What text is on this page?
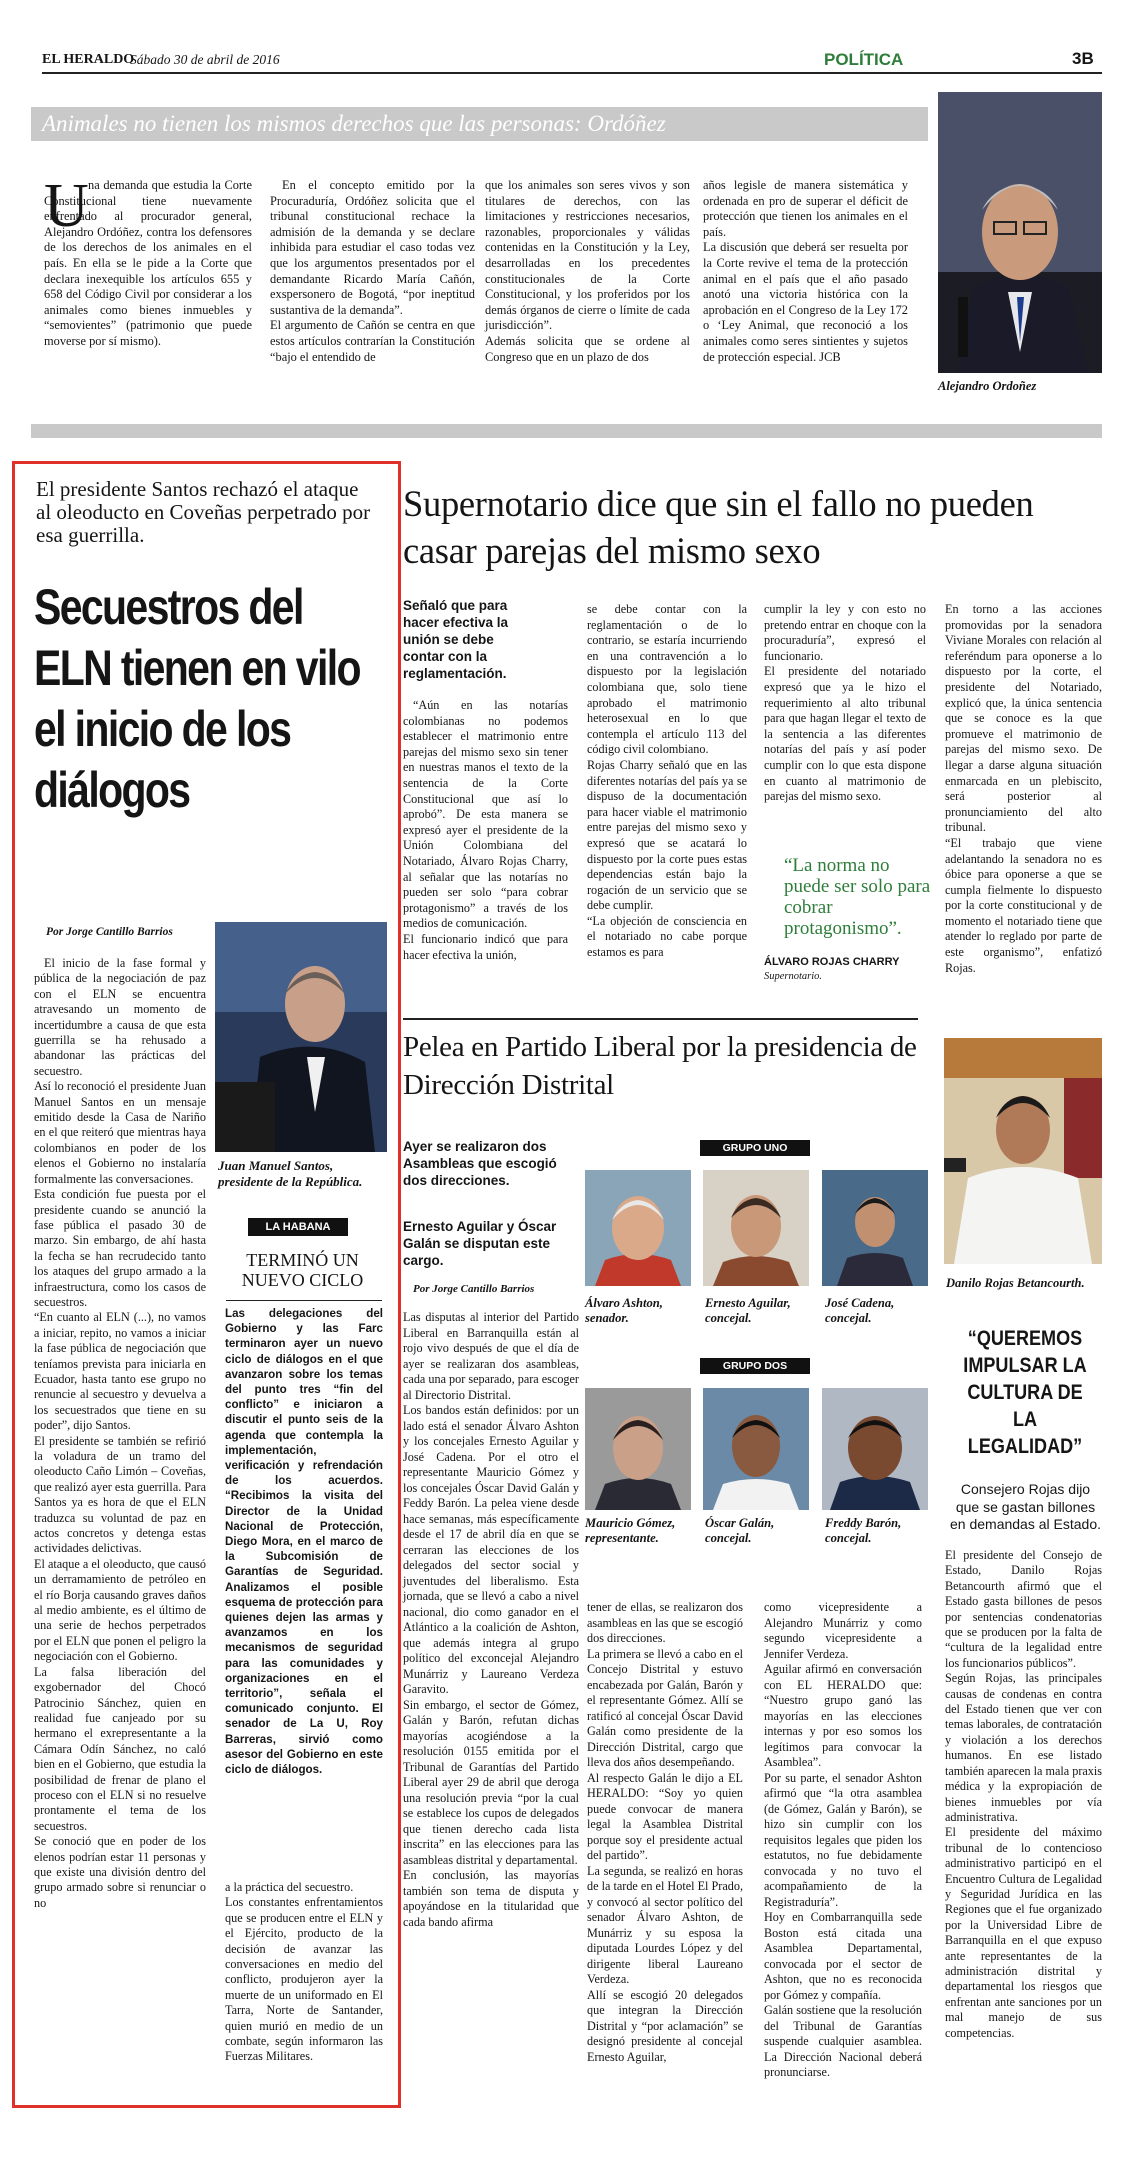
EL HERALDO
Sábado 30 de abril de 2016	POLÍTICA	3B
Animales no tienen los mismos derechos que las personas: Ordóñez
U na demanda que estudia la Corte Constitucional tiene nuevamente enfrentado al procurador general, Alejandro Ordóñez, contra los defensores de los derechos de los animales en el país. En ella se le pide a la Corte que declara inexequible los artículos 655 y 658 del Código Civil por considerar a los animales como bienes inmuebles y “semovientes” (patrimonio que puede moverse por sí mismo).
En el concepto emitido por la Procuraduría, Ordóñez solicita que el tribunal constitucional rechace la admisión de la demanda y se declare inhibida para estudiar el caso todas vez que los argumentos presentados por el demandante Ricardo María Cañón, exspersonero de Bogotá, “por ineptitud sustantiva de la demanda”.
El argumento de Cañón se centra en que estos artículos contrarían la Constitución “bajo el entendido de
que los animales son seres vivos y son titulares de derechos, con las limitaciones y restricciones necesarios, razonables, proporcionales y válidas contenidas en la Constitución y la Ley, desarrolladas en los precedentes constitucionales de la Corte Constitucional, y los proferidos por los demás órganos de cierre o límite de cada jurisdicción”.
Además solicita que se ordene al Congreso que en un plazo de dos
años legisle de manera sistemática y ordenada en pro de superar el déficit de protección que tienen los animales en el país.
La discusión que deberá ser resuelta por la Corte revive el tema de la protección animal en el país que el año pasado anotó una victoria histórica con la aprobación en el Congreso de la Ley 172 o ‘Ley Animal, que reconoció a los animales como seres sintientes y sujetos de protección especial. JCB
Alejandro Ordoñez
El presidente Santos rechazó el ataque al oleoducto en Coveñas perpetrado por esa guerrilla.
Secuestros del ELN tienen en vilo el inicio de los diálogos
Por Jorge Cantillo Barrios
Juan Manuel Santos, presidente de la República.
El inicio de la fase formal y pública de la negociación de paz con el ELN se encuentra atravesando un momento de incertidumbre a causa de que esta guerrilla se ha rehusado a abandonar las prácticas del secuestro.
Así lo reconoció el presidente Juan Manuel Santos en un mensaje emitido desde la Casa de Nariño en el que reiteró que mientras haya colombianos en poder de los elenos el Gobierno no instalaría formalmente las conversaciones.
Esta condición fue puesta por el presidente cuando se anunció la fase pública el pasado 30 de marzo. Sin embargo, de ahí hasta la fecha se han recrudecido tanto los ataques del grupo armado a la infraestructura, como los casos de secuestros.
“En cuanto al ELN (...), no vamos a iniciar, repito, no vamos a iniciar la fase pública de negociación que teníamos prevista para iniciarla en Ecuador, hasta tanto ese grupo no renuncie al secuestro y devuelva a los secuestrados que tiene en su poder”, dijo Santos.
El presidente se también se refirió la voladura de un tramo del oleoducto Caño Limón – Coveñas, que realizó ayer esta guerrilla. Para Santos ya es hora de que el ELN traduzca su voluntad de paz en actos concretos y detenga estas actividades delictivas.
El ataque a el oleoducto, que causó un derramamiento de petróleo en el río Borja causando graves daños al medio ambiente, es el último de una serie de hechos perpetrados por el ELN que ponen el peligro la negociación con el Gobierno.
La falsa liberación del exgobernador del Chocó Patrocinio Sánchez, quien en realidad fue canjeado por su hermano el exrepresentante a la Cámara Odín Sánchez, no caló bien en el Gobierno, que estudia la posibilidad de frenar de plano el proceso con el ELN si no resuelve prontamente el tema de los secuestros.
Se conoció que en poder de los elenos podrían estar 11 personas y que existe una división dentro del grupo armado sobre si renunciar o no
LA HABANA
TERMINÓ UN NUEVO CICLO
Las delegaciones del Gobierno y las Farc terminaron ayer un nuevo ciclo de diálogos en el que avanzaron sobre los temas del punto tres “fin del conflicto” e iniciaron a discutir el punto seis de la agenda que contempla la implementación, verificación y refrendación de los acuerdos. “Recibimos la visita del Director de la Unidad Nacional de Protección, Diego Mora, en el marco de la Subcomisión de Garantías de Seguridad. Analizamos el posible esquema de protección para quienes dejen las armas y avanzamos en los mecanismos de seguridad para las comunidades y organizaciones en el territorio”, señala el comunicado conjunto. El senador de La U, Roy Barreras, sirvió como asesor del Gobierno en este ciclo de diálogos.
a la práctica del secuestro.
Los constantes enfrentamientos que se producen entre el ELN y el Ejército, producto de la decisión de avanzar las conversaciones en medio del conflicto, produjeron ayer la muerte de un uniformado en El Tarra, Norte de Santander, quien murió en medio de un combate, según informaron las Fuerzas Militares.
Supernotario dice que sin el fallo no pueden casar parejas del mismo sexo
Señaló que para hacer efectiva la unión se debe contar con la reglamentación.
“Aún en las notarías colombianas no podemos establecer el matrimonio entre parejas del mismo sexo sin tener en nuestras manos el texto de la sentencia de la Corte Constitucional que así lo aprobó”. De esta manera se expresó ayer el presidente de la Unión Colombiana del Notariado, Álvaro Rojas Charry, al señalar que las notarías no pueden ser solo “para cobrar protagonismo” a través de los medios de comunicación.
El funcionario indicó que para hacer efectiva la unión,
se debe contar con la reglamentación o de lo contrario, se estaría incurriendo en una contravención a lo dispuesto por la legislación colombiana que, solo tiene aprobado el matrimonio heterosexual en lo que contempla el artículo 113 del código civil colombiano.
Rojas Charry señaló que en las diferentes notarías del país ya se dispuso de la documentación para hacer viable el matrimonio entre parejas del mismo sexo y expresó que se acatará lo dispuesto por la corte pues estas dependencias están bajo la rogación de un servicio que se debe cumplir.
“La objeción de consciencia en el notariado no cabe porque estamos es para
cumplir la ley y con esto no pretendo entrar en choque con la procuraduría”, expresó el funcionario.
El presidente del notariado expresó que ya le hizo el requerimiento al alto tribunal para que hagan llegar el texto de la sentencia a las diferentes notarías del país y así poder cumplir con lo que esta dispone en cuanto al matrimonio de parejas del mismo sexo.
“La norma no puede ser solo para cobrar protagonismo”.
ÁLVARO ROJAS CHARRY
Supernotario.
En torno a las acciones promovidas por la senadora Viviane Morales con relación al referéndum para oponerse a lo dispuesto por la corte, el presidente del Notariado, explicó que, la única sentencia que se conoce es la que promueve el matrimonio de parejas del mismo sexo. De llegar a darse alguna situación enmarcada en un plebiscito, será posterior al pronunciamiento del alto tribunal.
“El trabajo que viene adelantando la senadora no es óbice para oponerse a que se cumpla fielmente lo dispuesto por la corte constitucional y de momento el notariado tiene que atender lo reglado por parte de este organismo”, enfatizó Rojas.
Pelea en Partido Liberal por la presidencia de Dirección Distrital
Ayer se realizaron dos Asambleas que escogió dos direcciones.
Ernesto Aguilar y Óscar Galán se disputan este cargo.
Por Jorge Cantillo Barrios
Las disputas al interior del Partido Liberal en Barranquilla están al rojo vivo después de que el día de ayer se realizaran dos asambleas, cada una por separado, para escoger al Directorio Distrital.
Los bandos están definidos: por un lado está el senador Álvaro Ashton y los concejales Ernesto Aguilar y José Cadena. Por el otro el representante Mauricio Gómez y los concejales Óscar David Galán y Feddy Barón. La pelea viene desde hace semanas, más específicamente desde el 17 de abril día en que se cerraran las elecciones de los delegados del sector social y juventudes del liberalismo. Esta jornada, que se llevó a cabo a nivel nacional, dio como ganador en el Atlántico a la coalición de Ashton, que además integra al grupo político del exconcejal Alejandro Munárriz y Laureano Verdeza Garavito.
Sin embargo, el sector de Gómez, Galán y Barón, refutan dichas mayorías acogiéndose a la resolución 0155 emitida por el Tribunal de Garantías del Partido Liberal ayer 29 de abril que deroga una resolución previa “por la cual se establece los cupos de delegados que tienen derecho cada lista inscrita” en las elecciones para las asambleas distrital y departamental.
En conclusión, las mayorías también son tema de disputa y apoyándose en la titularidad que cada bando afirma
tener de ellas, se realizaron dos asambleas en las que se escogió dos direcciones.
La primera se llevó a cabo en el Concejo Distrital y estuvo encabezada por Galán, Barón y el representante Gómez. Allí se ratificó al concejal Óscar David Galán como presidente de la Dirección Distrital, cargo que lleva dos años desempeñando.
Al respecto Galán le dijo a EL HERALDO: “Soy yo quien puede convocar de manera legal la Asamblea Distrital porque soy el presidente actual del partido”.
La segunda, se realizó en horas de la tarde en el Hotel El Prado, y convocó al sector político del senador Álvaro Ashton, de Munárriz y su esposa la diputada Lourdes López y del dirigente liberal Laureano Verdeza.
Allí se escogió 20 delegados que integran la Dirección Distrital y “por aclamación” se designó presidente al concejal Ernesto Aguilar,
como vicepresidente a Alejandro Munárriz y como segundo vicepresidente a Jennifer Verdeza.
Aguilar afirmó en conversación con EL HERALDO que: “Nuestro grupo ganó las mayorías en las elecciones internas y por eso somos los legítimos para convocar la Asamblea”.
Por su parte, el senador Ashton afirmó que “la otra asamblea (de Gómez, Galán y Barón), se hizo sin cumplir con los requisitos legales que piden los estatutos, no fue debidamente convocada y no tuvo el acompañamiento de la Registraduría”.
Hoy en Combarranquilla sede Boston está citada una Asamblea Departamental, convocada por el sector de Ashton, que no es reconocida por Gómez y compañía.
Galán sostiene que la resolución del Tribunal de Garantías suspende cualquier asamblea. La Dirección Nacional deberá pronunciarse.
GRUPO UNO
Álvaro Ashton, senador.
Ernesto Aguilar, concejal.
José Cadena, concejal.
GRUPO DOS
Mauricio Gómez, representante.
Óscar Galán, concejal.
Freddy Barón, concejal.
Danilo Rojas Betancourth.
“QUEREMOS IMPULSAR LA CULTURA DE LA LEGALIDAD”
Consejero Rojas dijo que se gastan billones en demandas al Estado.
El presidente del Consejo de Estado, Danilo Rojas Betancourth afirmó que el Estado gasta billones de pesos por sentencias condenatorias que se producen por la falta de “cultura de la legalidad entre los funcionarios públicos”.
Según Rojas, las principales causas de condenas en contra del Estado tienen que ver con temas laborales, de contratación y violación a los derechos humanos. En ese listado también aparecen la mala praxis médica y la expropiación de bienes inmuebles por vía administrativa.
El presidente del máximo tribunal de lo contencioso administrativo participó en el Encuentro Cultura de Legalidad y Seguridad Jurídica en las Regiones que el fue organizado por la Universidad Libre de Barranquilla en el que expuso ante representantes de la administración distrital y departamental los riesgos que enfrentan ante sanciones por un mal manejo de sus competencias.
